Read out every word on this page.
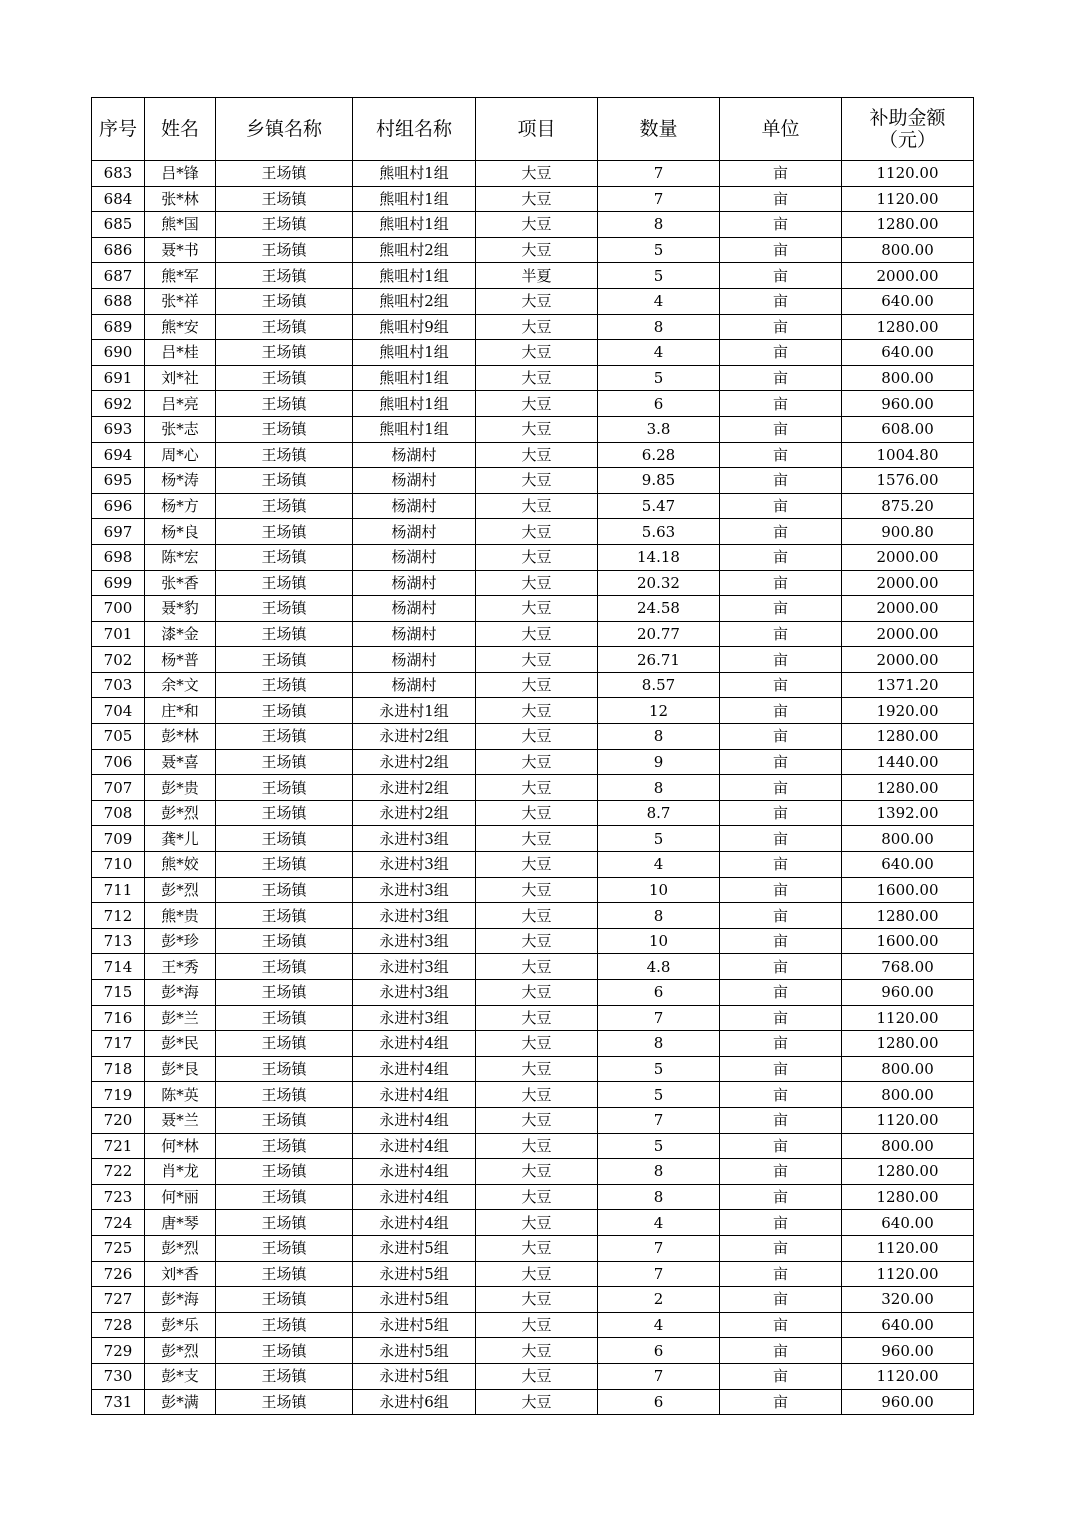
序号	姓名	乡镇名称	村组名称	项目	数量	单位	补助金额
（元）

683	吕*锋	王场镇	熊咀村1组	大豆	7	亩	1120.00
684	张*林	王场镇	熊咀村1组	大豆	7	亩	1120.00
685	熊*国	王场镇	熊咀村1组	大豆	8	亩	1280.00
686	聂*书	王场镇	熊咀村2组	大豆	5	亩	800.00
687	熊*军	王场镇	熊咀村1组	半夏	5	亩	2000.00
688	张*祥	王场镇	熊咀村2组	大豆	4	亩	640.00
689	熊*安	王场镇	熊咀村9组	大豆	8	亩	1280.00
690	吕*桂	王场镇	熊咀村1组	大豆	4	亩	640.00
691	刘*社	王场镇	熊咀村1组	大豆	5	亩	800.00
692	吕*亮	王场镇	熊咀村1组	大豆	6	亩	960.00
693	张*志	王场镇	熊咀村1组	大豆	3.8	亩	608.00
694	周*心	王场镇	杨湖村	大豆	6.28	亩	1004.80
695	杨*涛	王场镇	杨湖村	大豆	9.85	亩	1576.00
696	杨*方	王场镇	杨湖村	大豆	5.47	亩	875.20
697	杨*良	王场镇	杨湖村	大豆	5.63	亩	900.80
698	陈*宏	王场镇	杨湖村	大豆	14.18	亩	2000.00
699	张*香	王场镇	杨湖村	大豆	20.32	亩	2000.00
700	聂*豹	王场镇	杨湖村	大豆	24.58	亩	2000.00
701	漆*金	王场镇	杨湖村	大豆	20.77	亩	2000.00
702	杨*普	王场镇	杨湖村	大豆	26.71	亩	2000.00
703	余*文	王场镇	杨湖村	大豆	8.57	亩	1371.20
704	庄*和	王场镇	永进村1组	大豆	12	亩	1920.00
705	彭*林	王场镇	永进村2组	大豆	8	亩	1280.00
706	聂*喜	王场镇	永进村2组	大豆	9	亩	1440.00
707	彭*贵	王场镇	永进村2组	大豆	8	亩	1280.00
708	彭*烈	王场镇	永进村2组	大豆	8.7	亩	1392.00
709	龚*儿	王场镇	永进村3组	大豆	5	亩	800.00
710	熊*姣	王场镇	永进村3组	大豆	4	亩	640.00
711	彭*烈	王场镇	永进村3组	大豆	10	亩	1600.00
712	熊*贵	王场镇	永进村3组	大豆	8	亩	1280.00
713	彭*珍	王场镇	永进村3组	大豆	10	亩	1600.00
714	王*秀	王场镇	永进村3组	大豆	4.8	亩	768.00
715	彭*海	王场镇	永进村3组	大豆	6	亩	960.00
716	彭*兰	王场镇	永进村3组	大豆	7	亩	1120.00
717	彭*民	王场镇	永进村4组	大豆	8	亩	1280.00
718	彭*艮	王场镇	永进村4组	大豆	5	亩	800.00
719	陈*英	王场镇	永进村4组	大豆	5	亩	800.00
720	聂*兰	王场镇	永进村4组	大豆	7	亩	1120.00
721	何*林	王场镇	永进村4组	大豆	5	亩	800.00
722	肖*龙	王场镇	永进村4组	大豆	8	亩	1280.00
723	何*丽	王场镇	永进村4组	大豆	8	亩	1280.00
724	唐*琴	王场镇	永进村4组	大豆	4	亩	640.00
725	彭*烈	王场镇	永进村5组	大豆	7	亩	1120.00
726	刘*香	王场镇	永进村5组	大豆	7	亩	1120.00
727	彭*海	王场镇	永进村5组	大豆	2	亩	320.00
728	彭*乐	王场镇	永进村5组	大豆	4	亩	640.00
729	彭*烈	王场镇	永进村5组	大豆	6	亩	960.00
730	彭*支	王场镇	永进村5组	大豆	7	亩	1120.00
731	彭*满	王场镇	永进村6组	大豆	6	亩	960.00
